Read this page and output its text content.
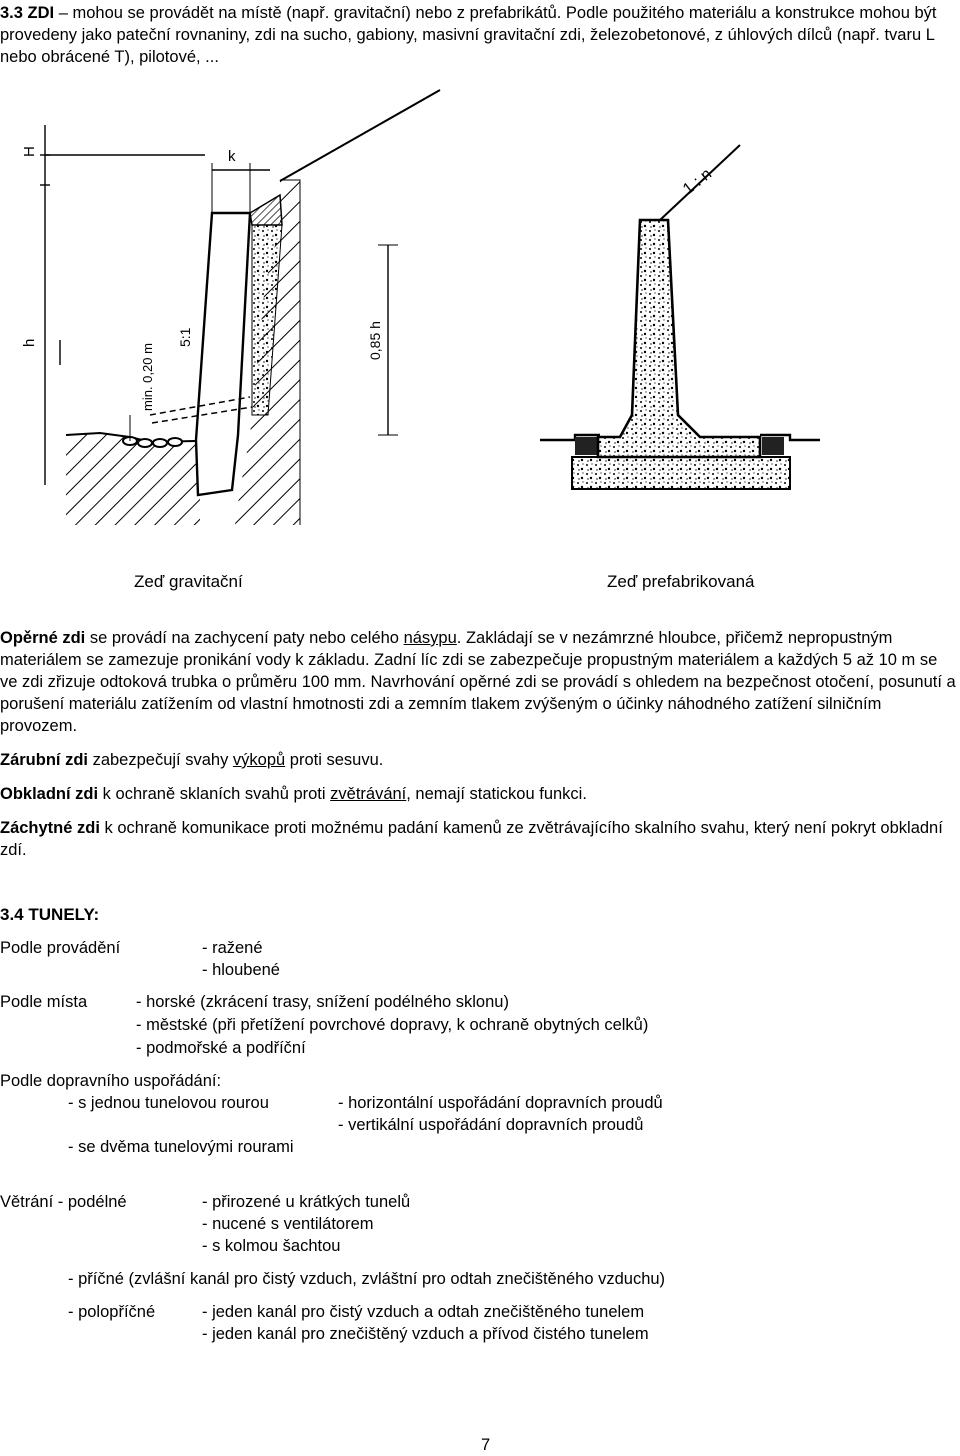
3.3 ZDI – mohou se provádět na místě (např. gravitační) nebo z prefabrikátů. Podle použitého materiálu a konstrukce mohou být provedeny jako pateční rovnaniny, zdi na sucho, gabiony, masivní gravitační zdi, železobetonové, z úhlových dílců (např. tvaru L nebo obrácené T), pilotové, ...

H
h
k
5:1
min. 0,20 m
0,85 h
1 : n

Zeď gravitační	Zeď prefabrikovaná

Opěrné zdi se provádí na zachycení paty nebo celého násypu. Zakládají se v nezámrzné hloubce, přičemž nepropustným materiálem se zamezuje pronikání vody k základu. Zadní líc zdi se zabezpečuje propustným materiálem a každých 5 až 10 m se ve zdi zřizuje odtoková trubka o průměru 100 mm. Navrhování opěrné zdi se provádí s ohledem na bezpečnost otočení, posunutí a porušení materiálu zatížením od vlastní hmotnosti zdi a zemním tlakem zvýšeným o účinky náhodného zatížení silničním provozem.

Zárubní zdi zabezpečují svahy výkopů proti sesuvu.

Obkladní zdi k ochraně sklaních svahů proti zvětrávání, nemají statickou funkci.

Záchytné zdi k ochraně komunikace proti možnému padání kamenů ze zvětrávajícího skalního svahu, který není pokryt obkladní zdí.

3.4 TUNELY:

Podle provádění	- ražené

- hloubené

Podle místa	- horské (zkrácení trasy, snížení podélného sklonu)

- městské (při přetížení povrchové dopravy, k ochraně obytných celků)

- podmořské a podříční

Podle dopravního uspořádání:

- s jednou tunelovou rourou	- horizontální uspořádání dopravních proudů

- vertikální uspořádání dopravních proudů

- se dvěma tunelovými rourami

Větrání - podélné	- přirozené u krátkých tunelů

- nucené s ventilátorem

- s kolmou šachtou

- příčné (zvlášní kanál pro čistý vzduch, zvláštní pro odtah znečištěného vzduchu)

- polopříčné	- jeden kanál pro čistý vzduch a odtah znečištěného tunelem

- jeden kanál pro znečištěný vzduch a přívod čistého tunelem

7
